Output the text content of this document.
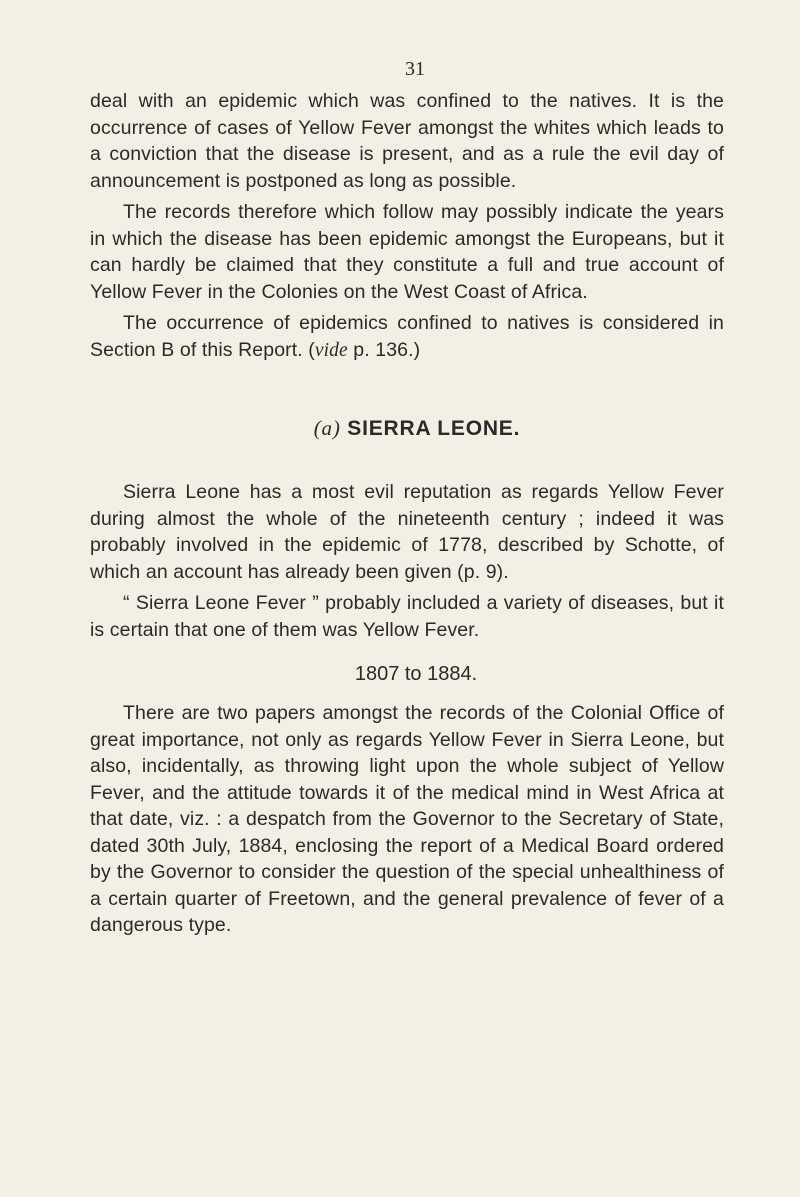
31

deal with an epidemic which was confined to the natives. It is the occurrence of cases of Yellow Fever amongst the whites which leads to a conviction that the disease is present, and as a rule the evil day of announcement is postponed as long as possible.

The records therefore which follow may possibly indicate the years in which the disease has been epidemic amongst the Europeans, but it can hardly be claimed that they constitute a full and true account of Yellow Fever in the Colonies on the West Coast of Africa.

The occurrence of epidemics confined to natives is considered in Section B of this Report. (vide p. 136.)

(a) SIERRA LEONE.

Sierra Leone has a most evil reputation as regards Yellow Fever during almost the whole of the nineteenth century ; indeed it was probably involved in the epidemic of 1778, described by Schotte, of which an account has already been given (p. 9).

“ Sierra Leone Fever ” probably included a variety of diseases, but it is certain that one of them was Yellow Fever.

1807 to 1884.

There are two papers amongst the records of the Colonial Office of great importance, not only as regards Yellow Fever in Sierra Leone, but also, incidentally, as throwing light upon the whole subject of Yellow Fever, and the attitude towards it of the medical mind in West Africa at that date, viz. : a despatch from the Governor to the Secretary of State, dated 30th July, 1884, enclosing the report of a Medical Board ordered by the Governor to consider the question of the special unhealthiness of a certain quarter of Freetown, and the general prevalence of fever of a dangerous type.
